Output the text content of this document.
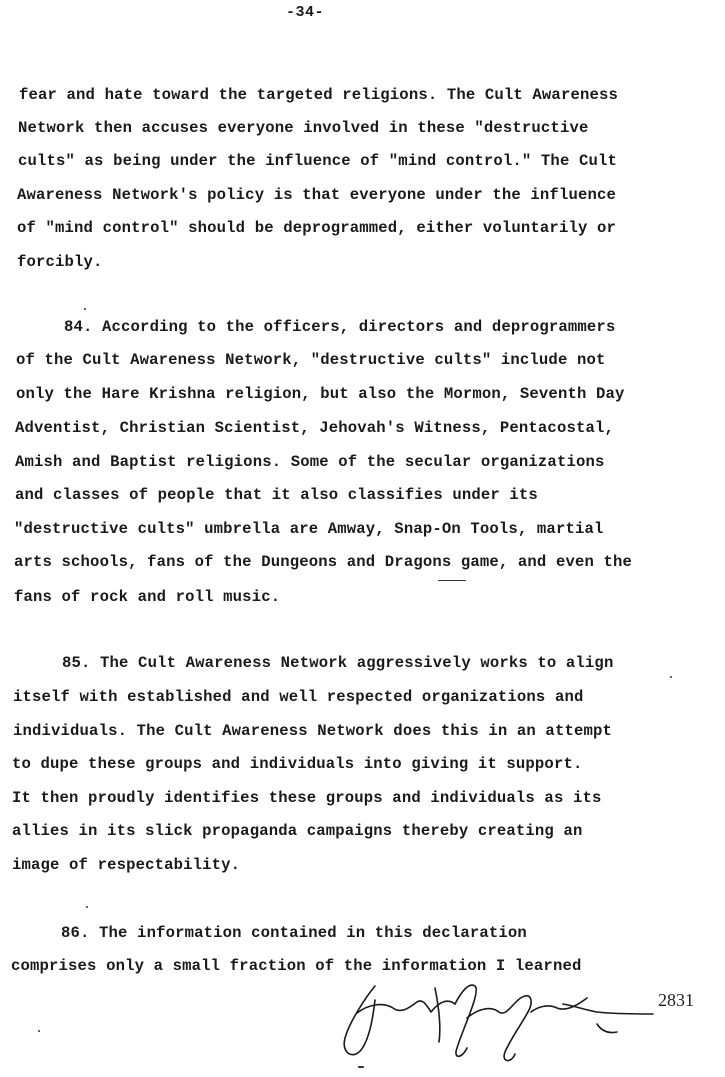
-34-
fear and hate toward the targeted religions. The Cult Awareness
Network then accuses everyone involved in these "destructive
cults" as being under the influence of "mind control." The Cult
Awareness Network's policy is that everyone under the influence
of "mind control" should be deprogrammed, either voluntarily or
forcibly.
84. According to the officers, directors and deprogrammers
of the Cult Awareness Network, "destructive cults" include not
only the Hare Krishna religion, but also the Mormon, Seventh Day
Adventist, Christian Scientist, Jehovah's Witness, Pentacostal,
Amish and Baptist religions. Some of the secular organizations
and classes of people that it also classifies under its
"destructive cults" umbrella are Amway, Snap-On Tools, martial
arts schools, fans of the Dungeons and Dragons game, and even the
fans of rock and roll music.
85. The Cult Awareness Network aggressively works to align
itself with established and well respected organizations and
individuals. The Cult Awareness Network does this in an attempt
to dupe these groups and individuals into giving it support.
It then proudly identifies these groups and individuals as its
allies in its slick propaganda campaigns thereby creating an
image of respectability.
86. The information contained in this declaration
comprises only a small fraction of the information I learned
2831
